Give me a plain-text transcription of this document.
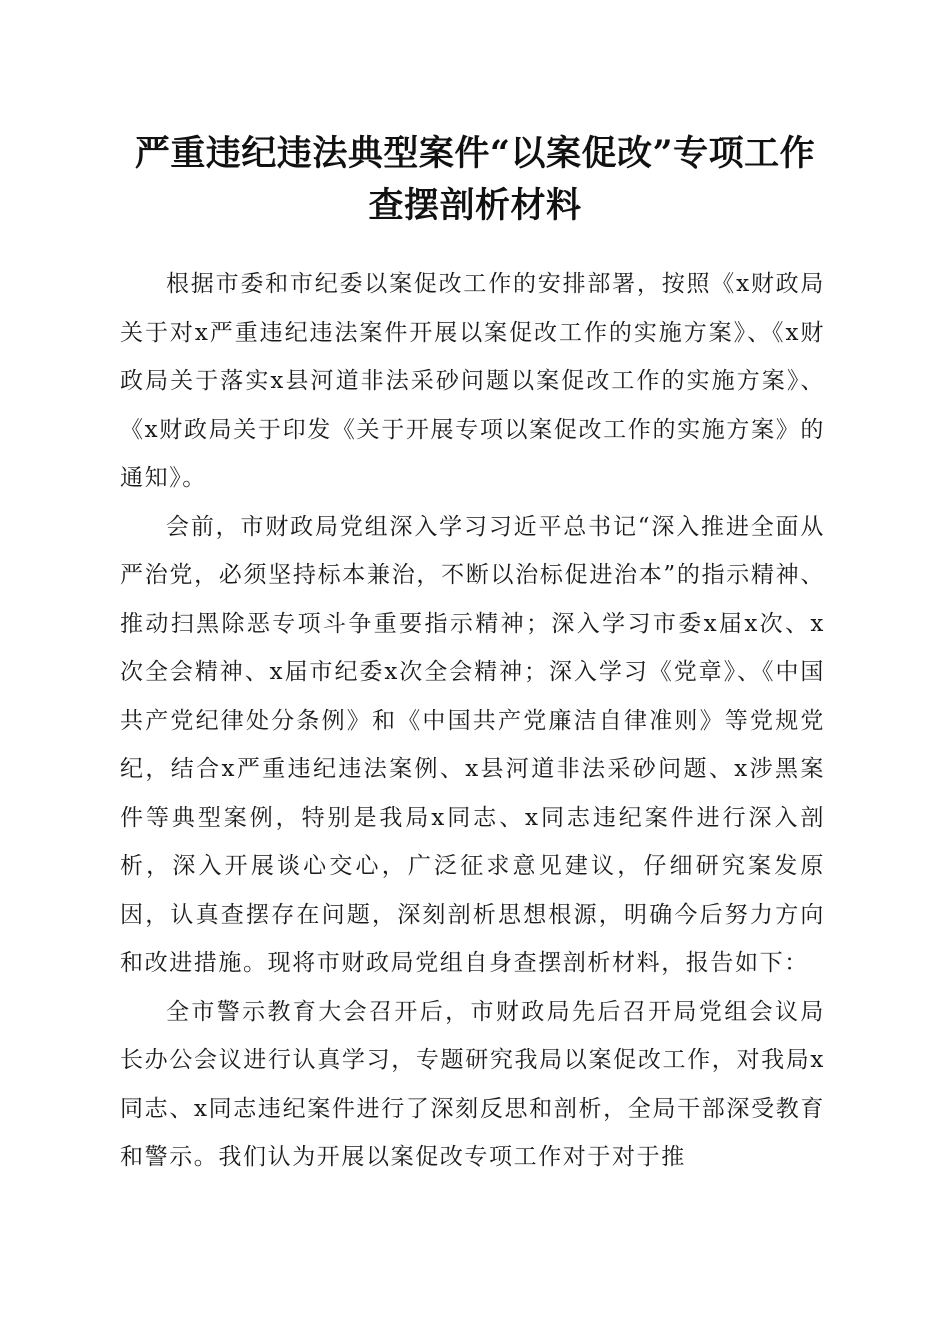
严重违纪违法典型案件“以案促改”专项工作
查摆剖析材料

根据市委和市纪委以案促改工作的安排部署，按照《x财政局关于对x严重违纪违法案件开展以案促改工作的实施方案》、《x财政局关于落实x县河道非法采砂问题以案促改工作的实施方案》、《x财政局关于印发《关于开展专项以案促改工作的实施方案》的通知》。

会前，市财政局党组深入学习习近平总书记“深入推进全面从严治党，必须坚持标本兼治，不断以治标促进治本”的指示精神、推动扫黑除恶专项斗争重要指示精神；深入学习市委x届x次、x次全会精神、x届市纪委x次全会精神；深入学习《党章》、《中国共产党纪律处分条例》和《中国共产党廉洁自律准则》等党规党纪，结合x严重违纪违法案例、x县河道非法采砂问题、x涉黑案件等典型案例，特别是我局x同志、x同志违纪案件进行深入剖析，深入开展谈心交心，广泛征求意见建议，仔细研究案发原因，认真查摆存在问题，深刻剖析思想根源，明确今后努力方向和改进措施。现将市财政局党组自身查摆剖析材料，报告如下：

全市警示教育大会召开后，市财政局先后召开局党组会议局长办公会议进行认真学习，专题研究我局以案促改工作，对我局x同志、x同志违纪案件进行了深刻反思和剖析，全局干部深受教育和警示。我们认为开展以案促改专项工作对于对于推
